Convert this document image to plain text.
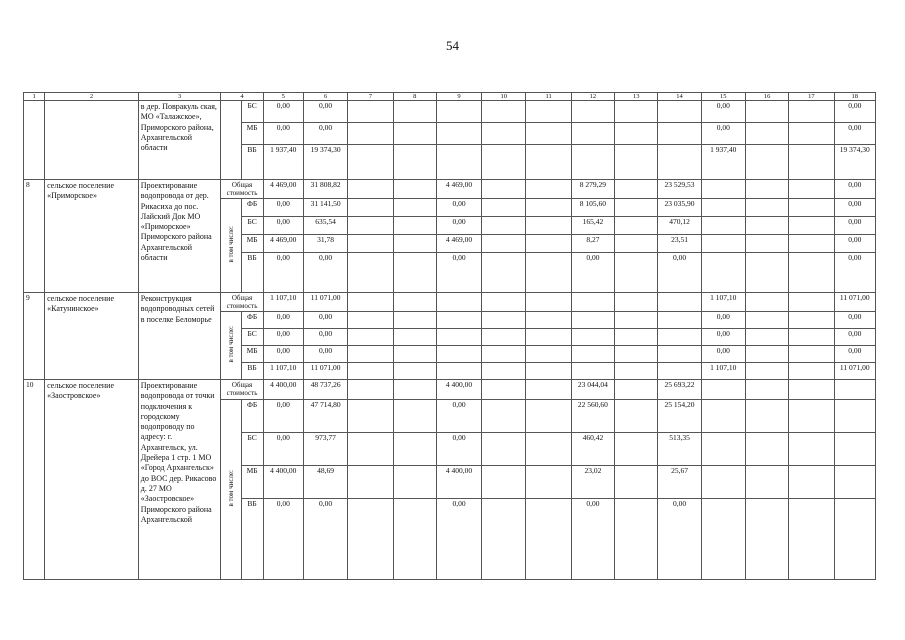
54
1	2	3	4		5	6	7	8	9	10	11	12	13	14	15	16	17	18
		в дер. Повракуль ская, МО «Талажское», Приморского района, Архангельской области		БС	0,00	0,00									0,00			0,00
				МБ	0,00	0,00									0,00			0,00
				ВБ	1 937,40	19 374,30									1 937,40			19 374,30
8	сельское поселение «Приморское»	Проектирование водопровода от дер. Рикасиха до пос. Лайский Док МО «Приморское» Приморского района Архангельской области	Общая стоимость		4 469,00	31 808,82			4 469,00			8 279,29		23 529,53				0,00
			в том числе:	ФБ	0,00	31 141,50			0,00			8 105,60		23 035,90				0,00
				БС	0,00	635,54			0,00			165,42		470,12				0,00
				МБ	4 469,00	31,78			4 469,00			8,27		23,51				0,00
				ВБ	0,00	0,00			0,00			0,00		0,00				0,00
9	сельское поселение «Катунинское»	Реконструкция водопроводных сетей в поселке Беломорье	Общая стоимость		1 107,10	11 071,00									1 107,10			11 071,00
			в том числе:	ФБ	0,00	0,00									0,00			0,00
				БС	0,00	0,00									0,00			0,00
				МБ	0,00	0,00									0,00			0,00
				ВБ	1 107,10	11 071,00									1 107,10			11 071,00
10	сельское поселение «Заостровское»	Проектирование водопровода от точки подключения к городскому водопроводу по адресу: г. Архангельск, ул. Дрейера 1 стр. 1 МО «Город Архангельск» до ВОС дер. Рикасово д. 27 МО «Заостровское» Приморского района Архангельской	Общая стоимость		4 400,00	48 737,26			4 400,00			23 044,04		25 693,22				
			в том числе:	ФБ	0,00	47 714,80			0,00			22 560,60		25 154,20				
				БС	0,00	973,77			0,00			460,42		513,35				
				МБ	4 400,00	48,69			4 400,00			23,02		25,67				
				ВБ	0,00	0,00			0,00			0,00		0,00				
